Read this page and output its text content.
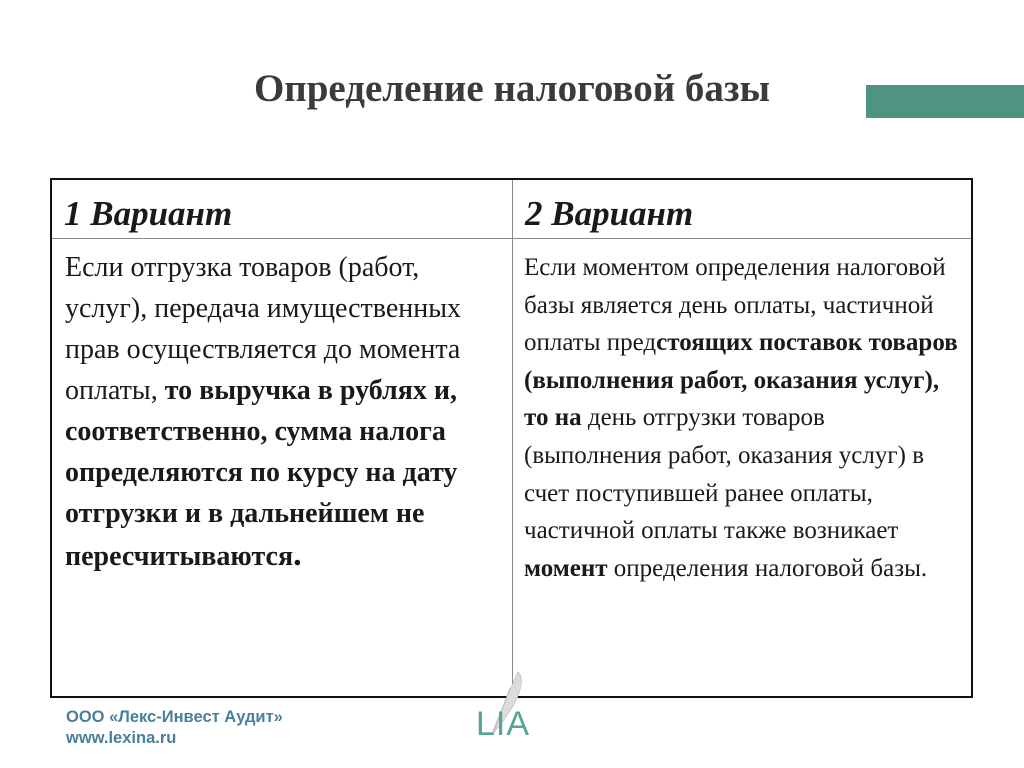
Определение налоговой базы
1 Вариант	2 Вариант
Если отгрузка товаров (работ, услуг), передача имущественных прав осуществляется до момента оплаты, то выручка в рублях и, соответственно, сумма налога определяются по курсу на дату отгрузки и в дальнейшем не пересчитываются.
Если моментом определения налоговой базы является день оплаты, частичной оплаты предстоящих поставок товаров (выполнения работ, оказания услуг), то на день отгрузки товаров (выполнения работ, оказания услуг) в счет поступившей ранее оплаты, частичной оплаты также возникает момент определения налоговой базы.
ООО «Лекс-Инвест Аудит»
www.lexina.ru	LIA
